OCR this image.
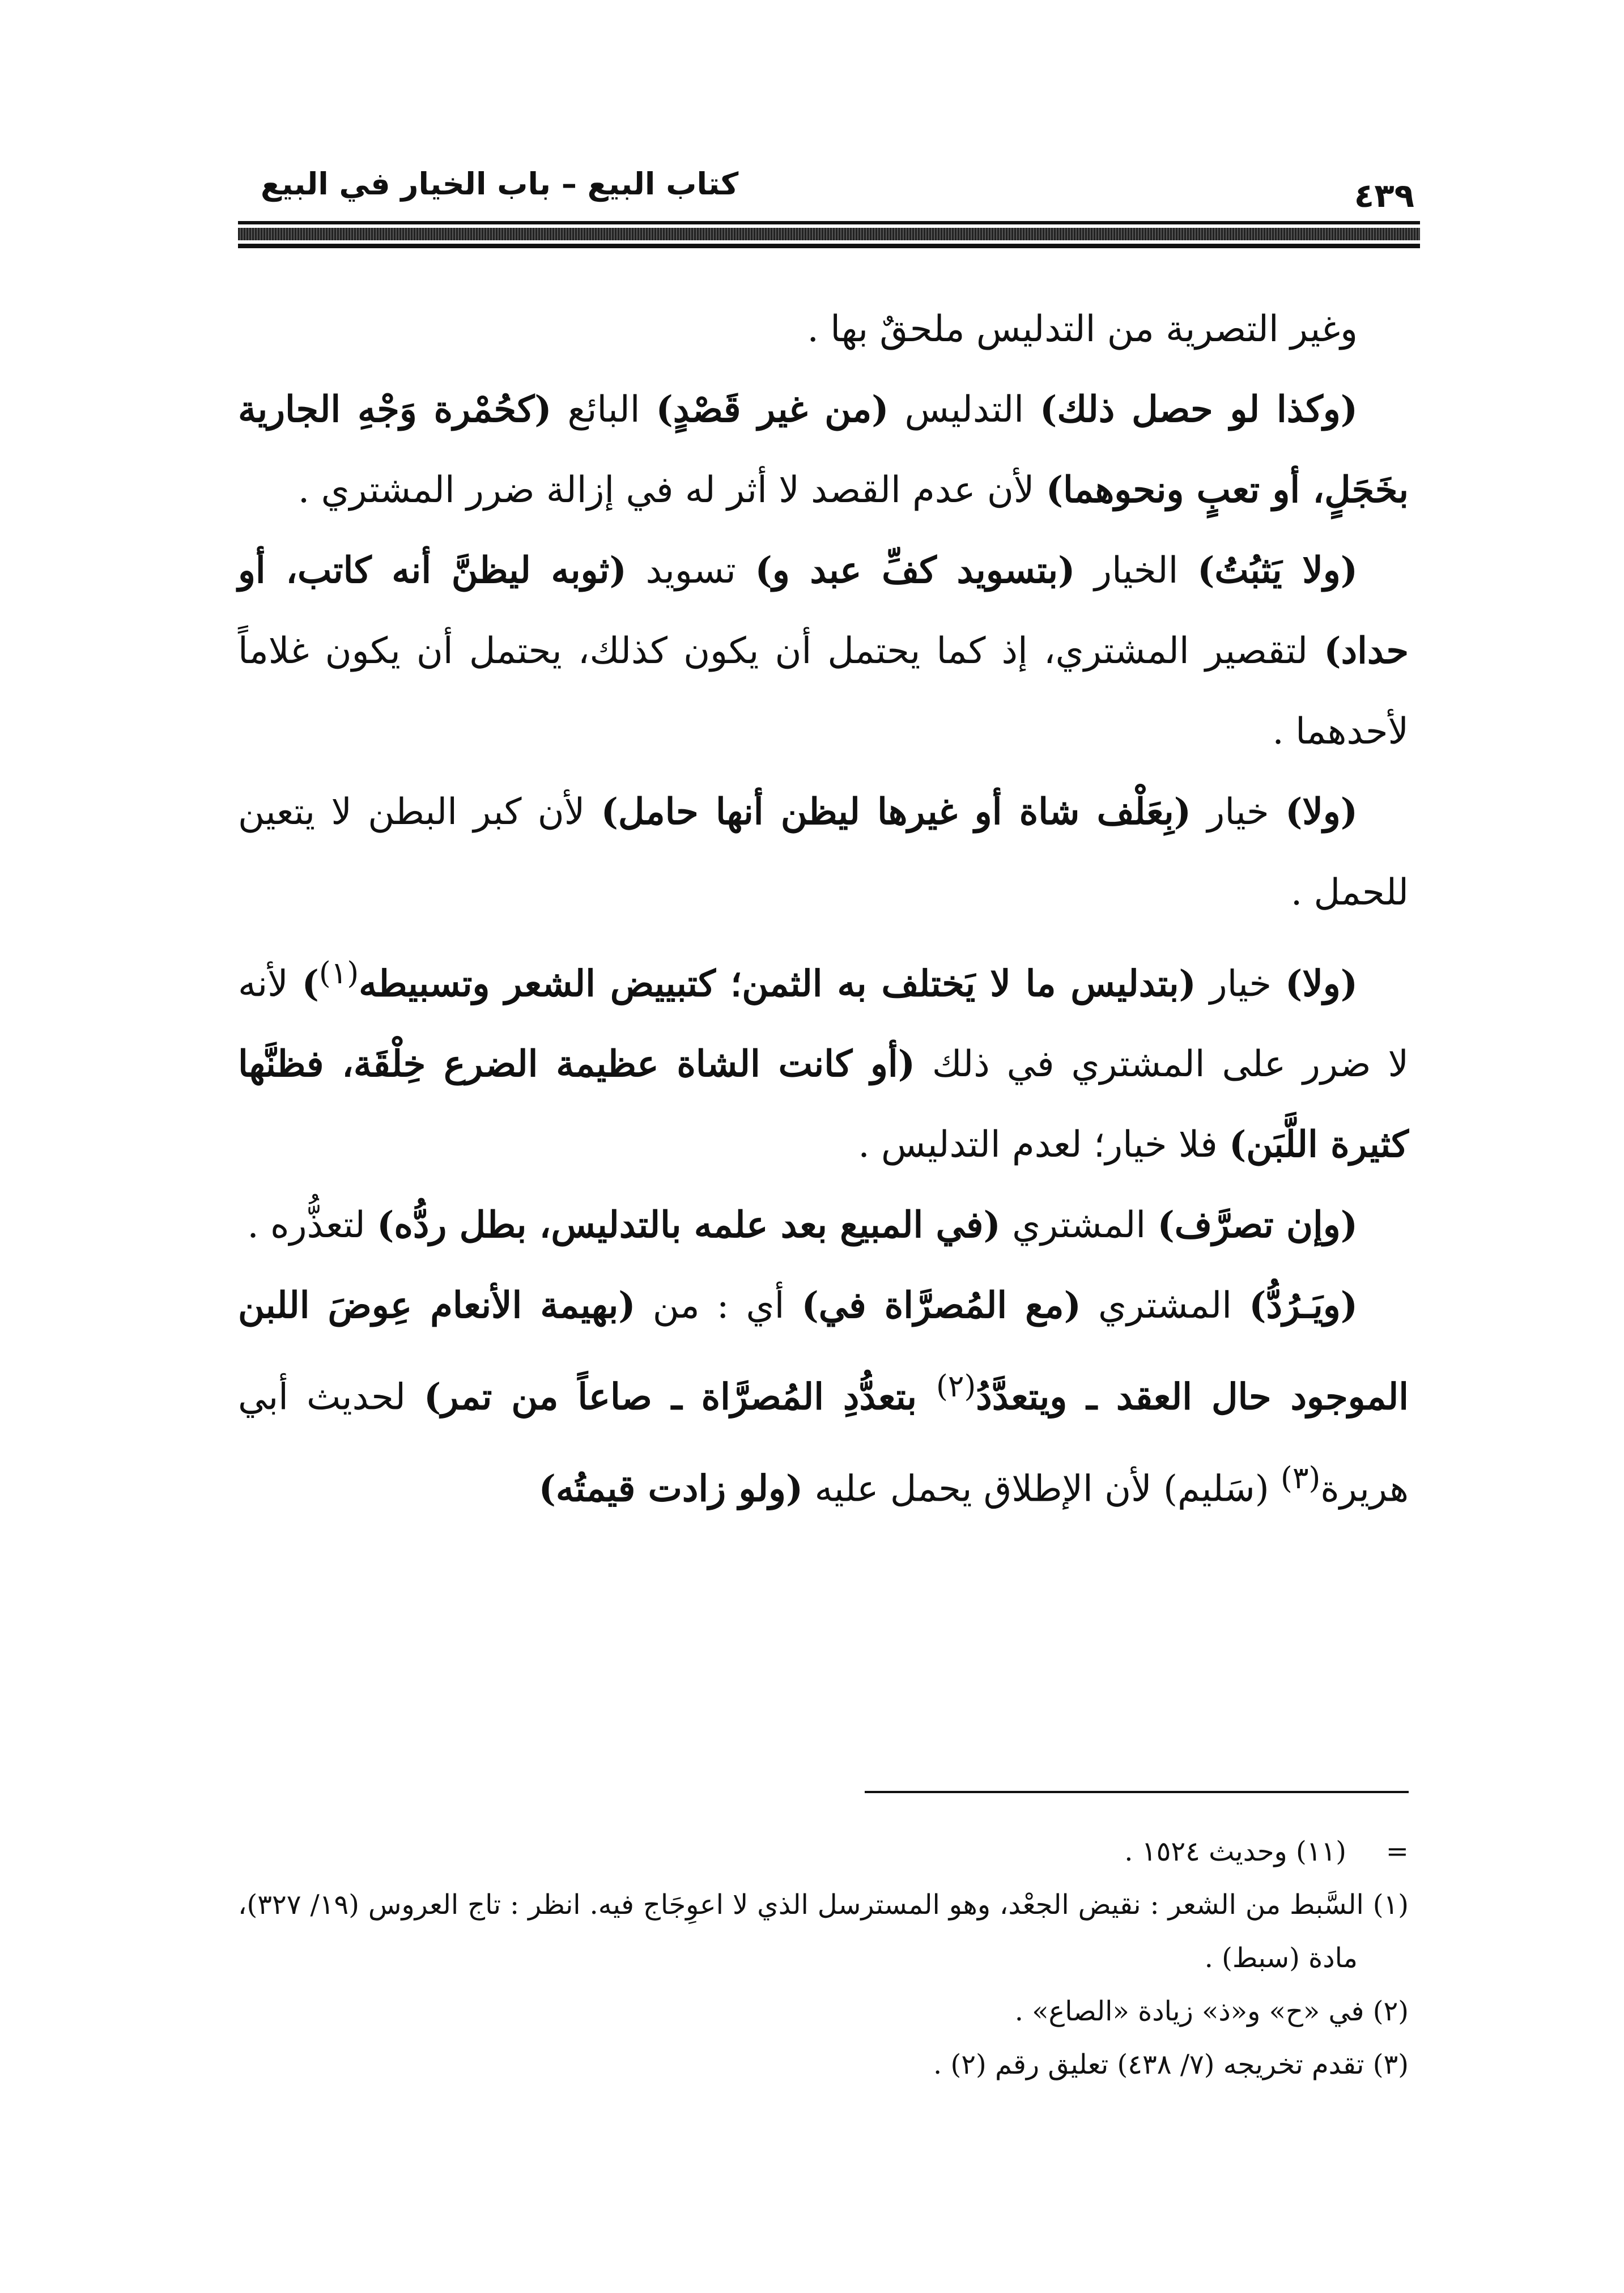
٤٣٩
كتاب البيع – باب الخيار في البيع

وغير التصرية من التدليس ملحقٌ بها .

(وكذا لو حصل ذلك) التدليس (من غير قَصْدٍ) البائع (كحُمْرة وَجْهِ الجارية بخَجَلٍ، أو تعبٍ ونحوهما) لأن عدم القصد لا أثر له في إزالة ضرر المشتري .

(ولا يَثبُتُ) الخيار (بتسويد كفِّ عبد و) تسويد (ثوبه ليظنَّ أنه كاتب، أو حداد) لتقصير المشتري، إذ كما يحتمل أن يكون كذلك، يحتمل أن يكون غلاماً لأحدهما .

(ولا) خيار (بِعَلْف شاة أو غيرها ليظن أنها حامل) لأن كبر البطن لا يتعين للحمل .

(ولا) خيار (بتدليس ما لا يَختلف به الثمن؛ كتبييض الشعر وتسبيطه$^{(١)}$) لأنه لا ضرر على المشتري في ذلك (أو كانت الشاة عظيمة الضرع خِلْقَة، فظنَّها كثيرة اللَّبَن) فلا خيار؛ لعدم التدليس .

(وإن تصرَّف) المشتري (في المبيع بعد علمه بالتدليس، بطل ردُّه) لتعذُّره .

(ويَـرُدُّ) المشتري (مع المُصرَّاة في) أي : من (بهيمة الأنعام عِوضَ اللبن الموجود حال العقد ـ ويتعدَّدُ$^{(٢)}$ بتعدُّدِ المُصرَّاة ـ صاعاً من تمر) لحديث أبي هريرة$^{(٣)}$ (سَليم) لأن الإطلاق يحمل عليه (ولو زادت قيمتُه)

=
(١١) وحديث ١٥٢٤ .

(١) السَّبط من الشعر : نقيض الجعْد، وهو المسترسل الذي لا اعوِجَاج فيه. انظر : تاج العروس (١٩/ ٣٢٧)، مادة (سبط) .

(٢) في «ح» و«ذ» زيادة «الصاع» .

(٣) تقدم تخريجه (٧/ ٤٣٨) تعليق رقم (٢) .
